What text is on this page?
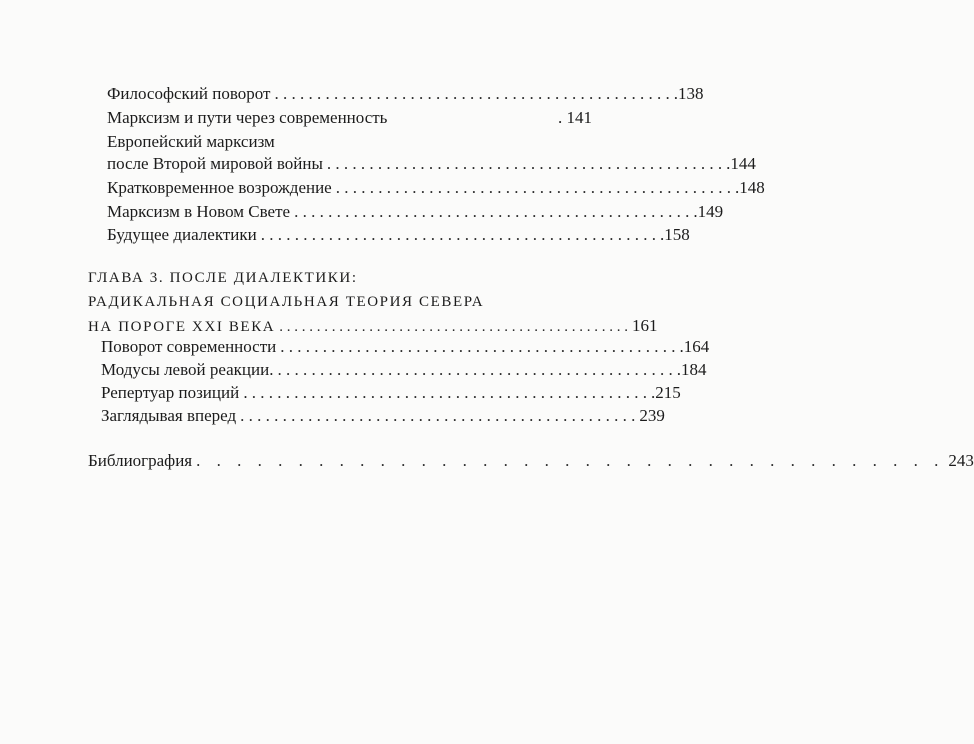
Философский поворот . . . . . . . . . . . . . . . . . . . . . . . . . . . . . . . . . . . . . . . . . . . . . . . .138
Марксизм и пути через современность	. 141
Европейский марксизм
после Второй мировой войны . . . . . . . . . . . . . . . . . . . . . . . . . . . . . . . . . . . . . . . . . . . . . . . .144
Кратковременное возрождение . . . . . . . . . . . . . . . . . . . . . . . . . . . . . . . . . . . . . . . . . . . . . . . .148
Марксизм в Новом Свете . . . . . . . . . . . . . . . . . . . . . . . . . . . . . . . . . . . . . . . . . . . . . . . .149
Будущее диалектики . . . . . . . . . . . . . . . . . . . . . . . . . . . . . . . . . . . . . . . . . . . . . . . .158
ГЛАВА 3. ПОСЛЕ ДИАЛЕКТИКИ:
РАДИКАЛЬНАЯ СОЦИАЛЬНАЯ ТЕОРИЯ СЕВЕРА
НА ПОРОГЕ XXI ВЕКА . . . . . . . . . . . . . . . . . . . . . . . . . . . . . . . . . . . . . . . . . . . . . . . 161
Поворот современности . . . . . . . . . . . . . . . . . . . . . . . . . . . . . . . . . . . . . . . . . . . . . . . .164
Модусы левой реакции. . . . . . . . . . . . . . . . . . . . . . . . . . . . . . . . . . . . . . . . . . . . . . . . .184
Репертуар позиций . . . . . . . . . . . . . . . . . . . . . . . . . . . . . . . . . . . . . . . . . . . . . . . . .215
Заглядывая вперед . . . . . . . . . . . . . . . . . . . . . . . . . . . . . . . . . . . . . . . . . . . . . . . 239
Библиография . . . . . . . . . . . . . . . . . . . . . . . . . . . . . . . . . . . . . 243
